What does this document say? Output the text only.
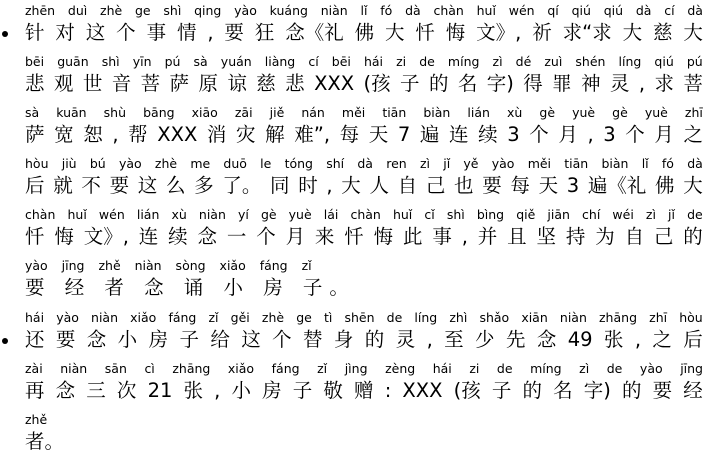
zhēn duì zhè ge shì qing yào kuáng niàn lǐ fó dà chàn huǐ wén qí qiú qiú dà cí dà
针 对 这 个 事 情 , 要 狂 念《礼 佛 大 忏 悔 文》, 祈 求“求 大 慈 大
bēi guān shì yīn pú sà yuán liàng cí bēi hái zi de míng zì dé zuì shén líng qiú pú
悲 观 世 音 菩 萨 原 谅 慈 悲 XXX (孩 子 的 名 字) 得 罪 神 灵 , 求 菩
sà kuān shù bāng xiāo zāi jiě nán měi tiān biàn lián xù gè yuè gè yuè zhī
萨 宽 恕 , 帮 XXX 消 灾 解 难”, 每 天 7 遍 连 续 3 个 月 , 3 个 月 之
hòu jiù bú yào zhè me duō le tóng shí dà ren zì jǐ yě yào měi tiān biàn lǐ fó dà
后 就 不 要 这 么 多 了。 同 时 , 大 人 自 己 也 要 每 天 3 遍《礼 佛 大
chàn huǐ wén lián xù niàn yí gè yuè lái chàn huǐ cǐ shì bìng qiě jiān chí wéi zì jǐ de
忏 悔 文》, 连 续 念 一 个 月 来 忏 悔 此 事 , 并 且 坚 持 为 自 己 的
yào jīng zhě niàn sòng xiǎo fáng zǐ
要 经 者 念 诵 小 房 子。
hái yào niàn xiǎo fáng zǐ gěi zhè ge tì shēn de líng zhì shǎo xiān niàn zhāng zhī hòu
还 要 念 小 房 子 给 这 个 替 身 的 灵 , 至 少 先 念 49 张 , 之 后
zài niàn sān cì zhāng xiǎo fáng zǐ jìng zèng hái zi de míng zì de yào jīng
再 念 三 次 21 张 , 小 房 子 敬 赠 : XXX (孩 子 的 名 字) 的 要 经
zhě
者。
